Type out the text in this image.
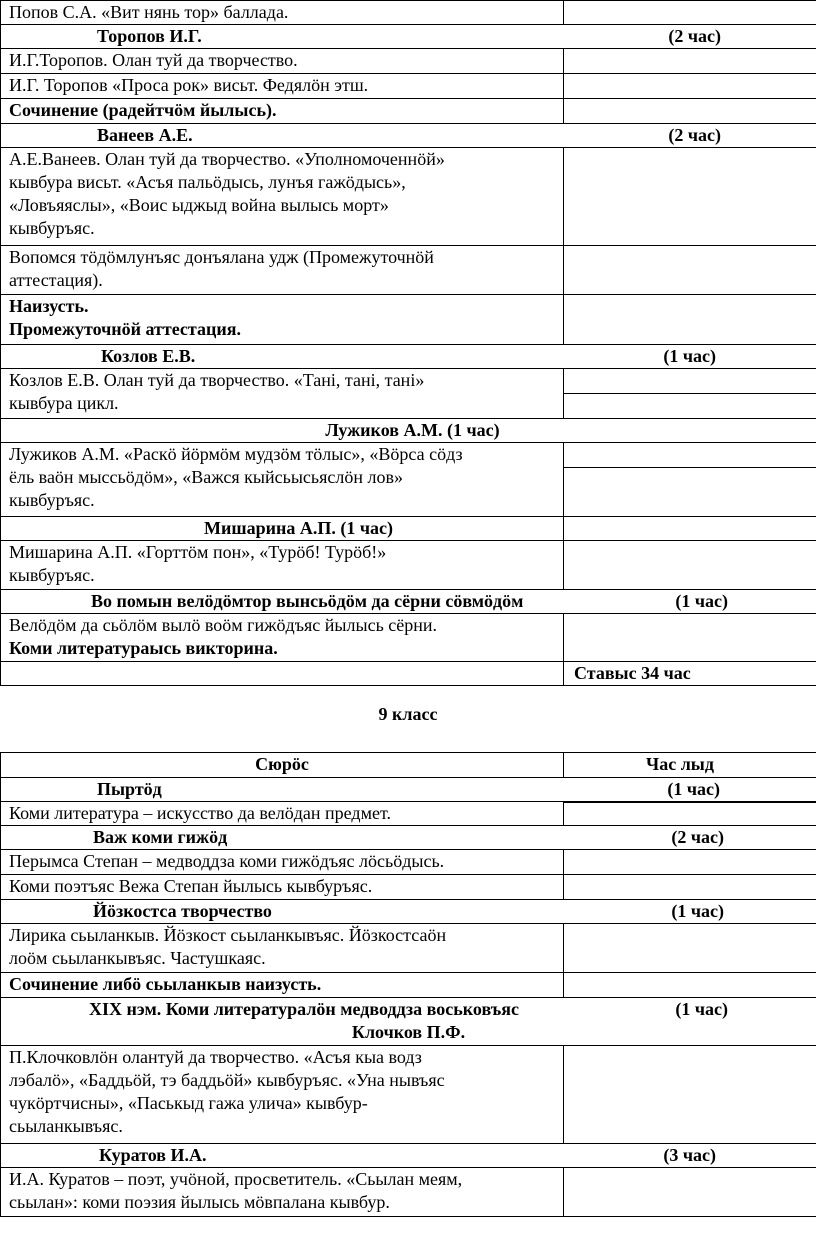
Попов С.А. «Вит нянь тор» баллада.	

Торопов И.Г. (2 час)	

И.Г.Торопов. Олан туй да творчество.	
И.Г. Торопов «Проса рок» висьт. Федялӧн этш.	
Сочинение (радейтчӧм йылысь).	

Ванеев А.Е. (2 час)	

А.Е.Ванеев. Олан туй да творчество. «Уполномоченнӧй»
кывбура висьт. «Асъя пальӧдысь, лунъя гажӧдысь»,
«Ловъяяслы», «Воис ыджыд война вылысь морт»
кывбуръяс.	

Вопомся тӧдӧмлунъяс донъялана удж (Промежуточнӧй
аттестация).	

Наизусть.
Промежуточнӧй аттестация.	

Козлов Е.В. (1 час)	

Козлов Е.В. Олан туй да творчество. «Тані, тані, тані»
кывбура цикл.	

Лужиков А.М. (1 час)	

Лужиков А.М. «Раскӧ йӧрмӧм мудзӧм тӧлыс», «Вӧрса сӧдз
ёль ваӧн мыссьӧдӧм», «Важся кыйсьысьяслӧн лов»
кывбуръяс.	

Мишарина А.П. (1 час)	

Мишарина А.П. «Горттӧм пон», «Турӧб! Турӧб!»
кывбуръяс.	

Во помын велӧдӧмтор вынсьӧдӧм да сёрни сӧвмӧдӧм (1 час)	

Велӧдӧм да сьӧлӧм вылӧ воӧм гижӧдъяс йылысь сёрни.
Коми литератураысь викторина.	

	Ставыс 34 час
9 класс
Сюрӧс	Час лыд

Пыртӧд (1 час)	

Коми литература – искусство да велӧдан предмет.	

Важ коми гижӧд (2 час)	

Перымса Степан – медводдза коми гижӧдъяс лӧсьӧдысь.	
Коми поэтъяс Вежа Степан йылысь кывбуръяс.	

Йӧзкостса творчество (1 час)	

Лирика сьыланкыв. Йӧзкост сьыланкывъяс. Йӧзкостсаӧн
лоӧм сьыланкывъяс. Частушкаяс.	

Сочинение либӧ сьыланкыв наизусть.	

XIX нэм. Коми литературалӧн медводдза воськовъяс (1 час)
Клочков П.Ф.	

П.Клочковлӧн олантуй да творчество. «Асъя кыа водз
лэбалӧ», «Баддьӧй, тэ баддьӧй» кывбуръяс. «Уна нывъяс
чукӧртчисны», «Паськыд гажа улича» кывбур-
сьыланкывъяс.	

Куратов И.А. (3 час)	

И.А. Куратов – поэт, учӧной, просветитель. «Сьылан меям,
сьылан»: коми поэзия йылысь мӧвпалана кывбур.	
